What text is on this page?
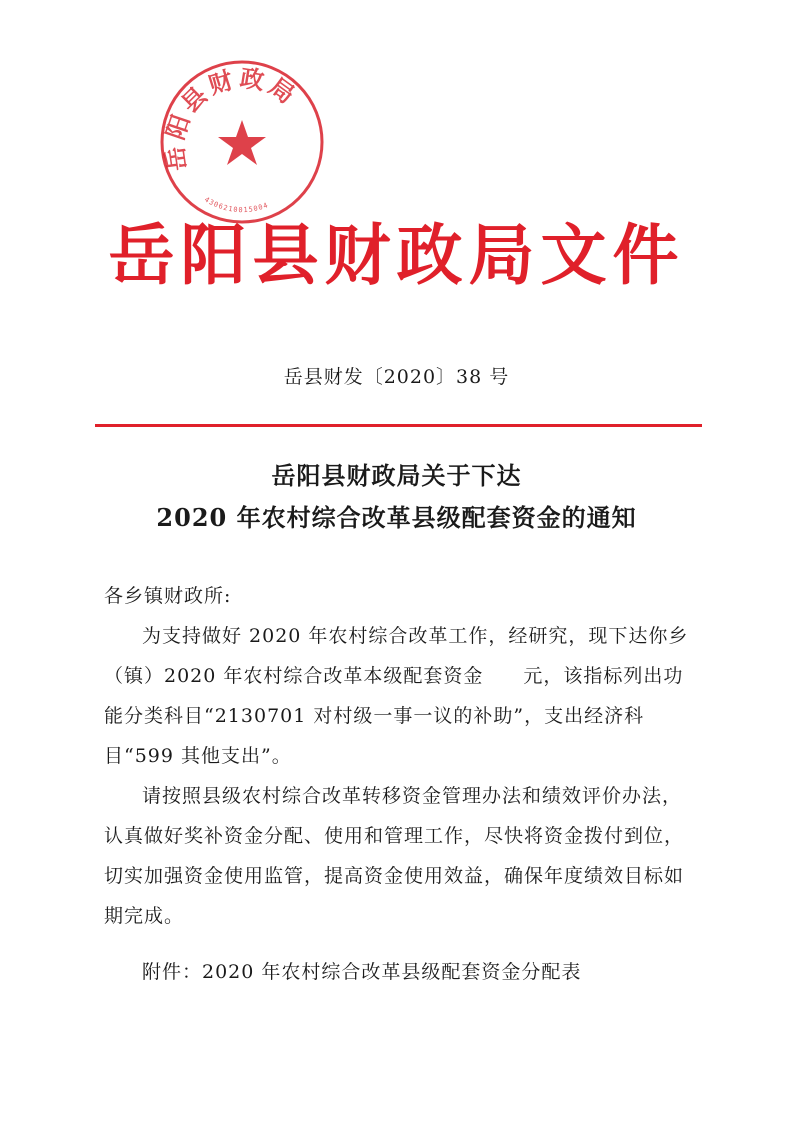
岳阳县财政局
4306210015004
岳阳县财政局文件
岳县财发〔2020〕38 号
岳阳县财政局关于下达
2020 年农村综合改革县级配套资金的通知

各乡镇财政所:

为支持做好 2020 年农村综合改革工作，经研究，现下达你乡（镇）2020 年农村综合改革本级配套资金　　元，该指标列出功能分类科目“2130701 对村级一事一议的补助”，支出经济科目“599 其他支出”。

请按照县级农村综合改革转移资金管理办法和绩效评价办法，认真做好奖补资金分配、使用和管理工作，尽快将资金拨付到位，切实加强资金使用监管，提高资金使用效益，确保年度绩效目标如期完成。

附件：2020 年农村综合改革县级配套资金分配表
